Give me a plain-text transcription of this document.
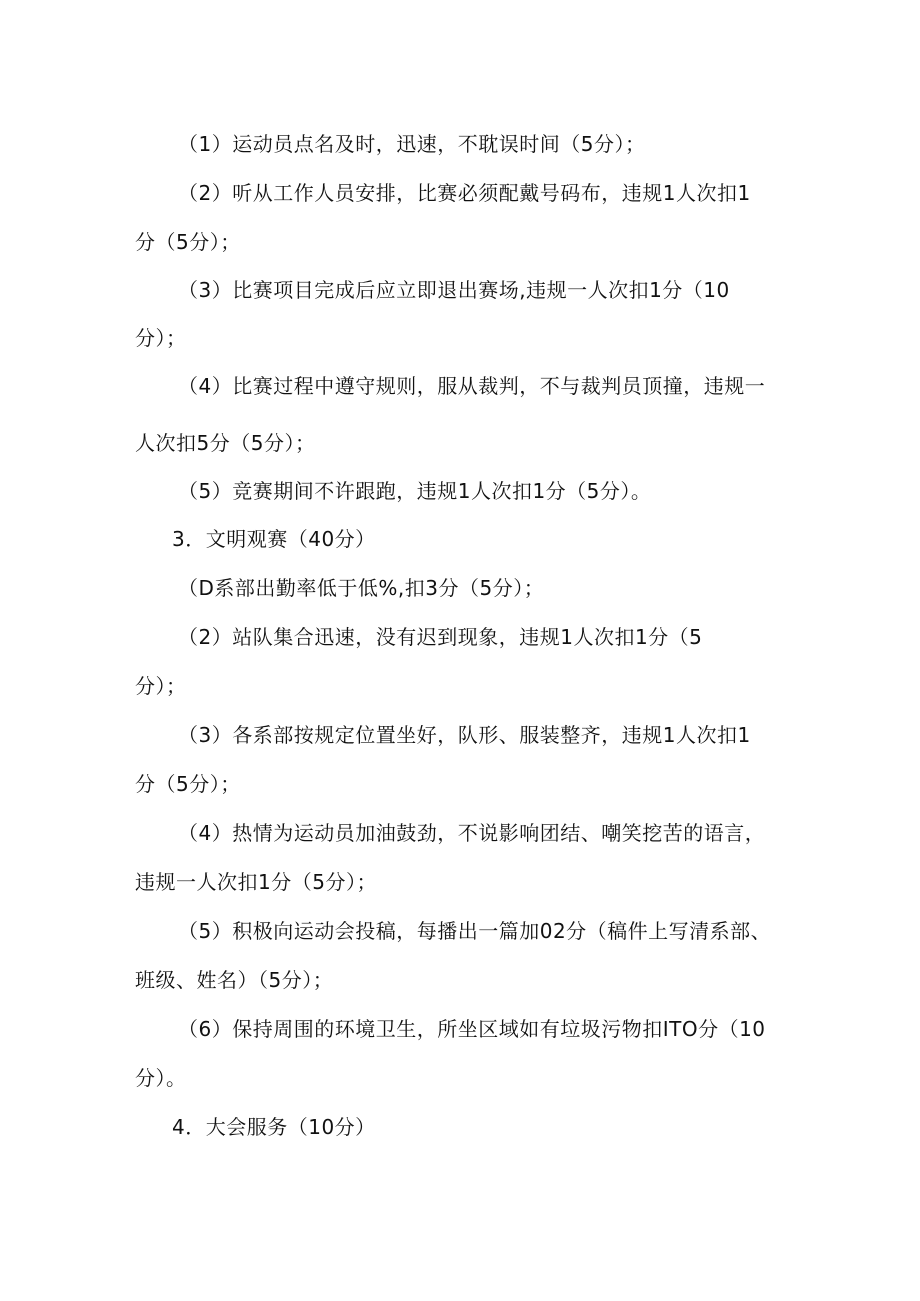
（1）运动员点名及时，迅速，不耽误时间（5分）；

（2）听从工作人员安排，比赛必须配戴号码布，违规1人次扣1

分（5分）；

（3）比赛项目完成后应立即退出赛场,违规一人次扣1分（10

分）；

（4）比赛过程中遵守规则，服从裁判，不与裁判员顶撞，违规一

人次扣5分（5分）；

（5）竞赛期间不许跟跑，违规1人次扣1分（5分）。

3．文明观赛（40分）

（D系部出勤率低于低%,扣3分（5分）；

（2）站队集合迅速，没有迟到现象，违规1人次扣1分（5

分）；

（3）各系部按规定位置坐好，队形、服装整齐，违规1人次扣1

分（5分）；

（4）热情为运动员加油鼓劲，不说影响团结、嘲笑挖苦的语言，

违规一人次扣1分（5分）；

（5）积极向运动会投稿，每播出一篇加02分（稿件上写清系部、

班级、姓名）（5分）；

（6）保持周围的环境卫生，所坐区域如有垃圾污物扣ITO分（10

分）。

4．大会服务（10分）
